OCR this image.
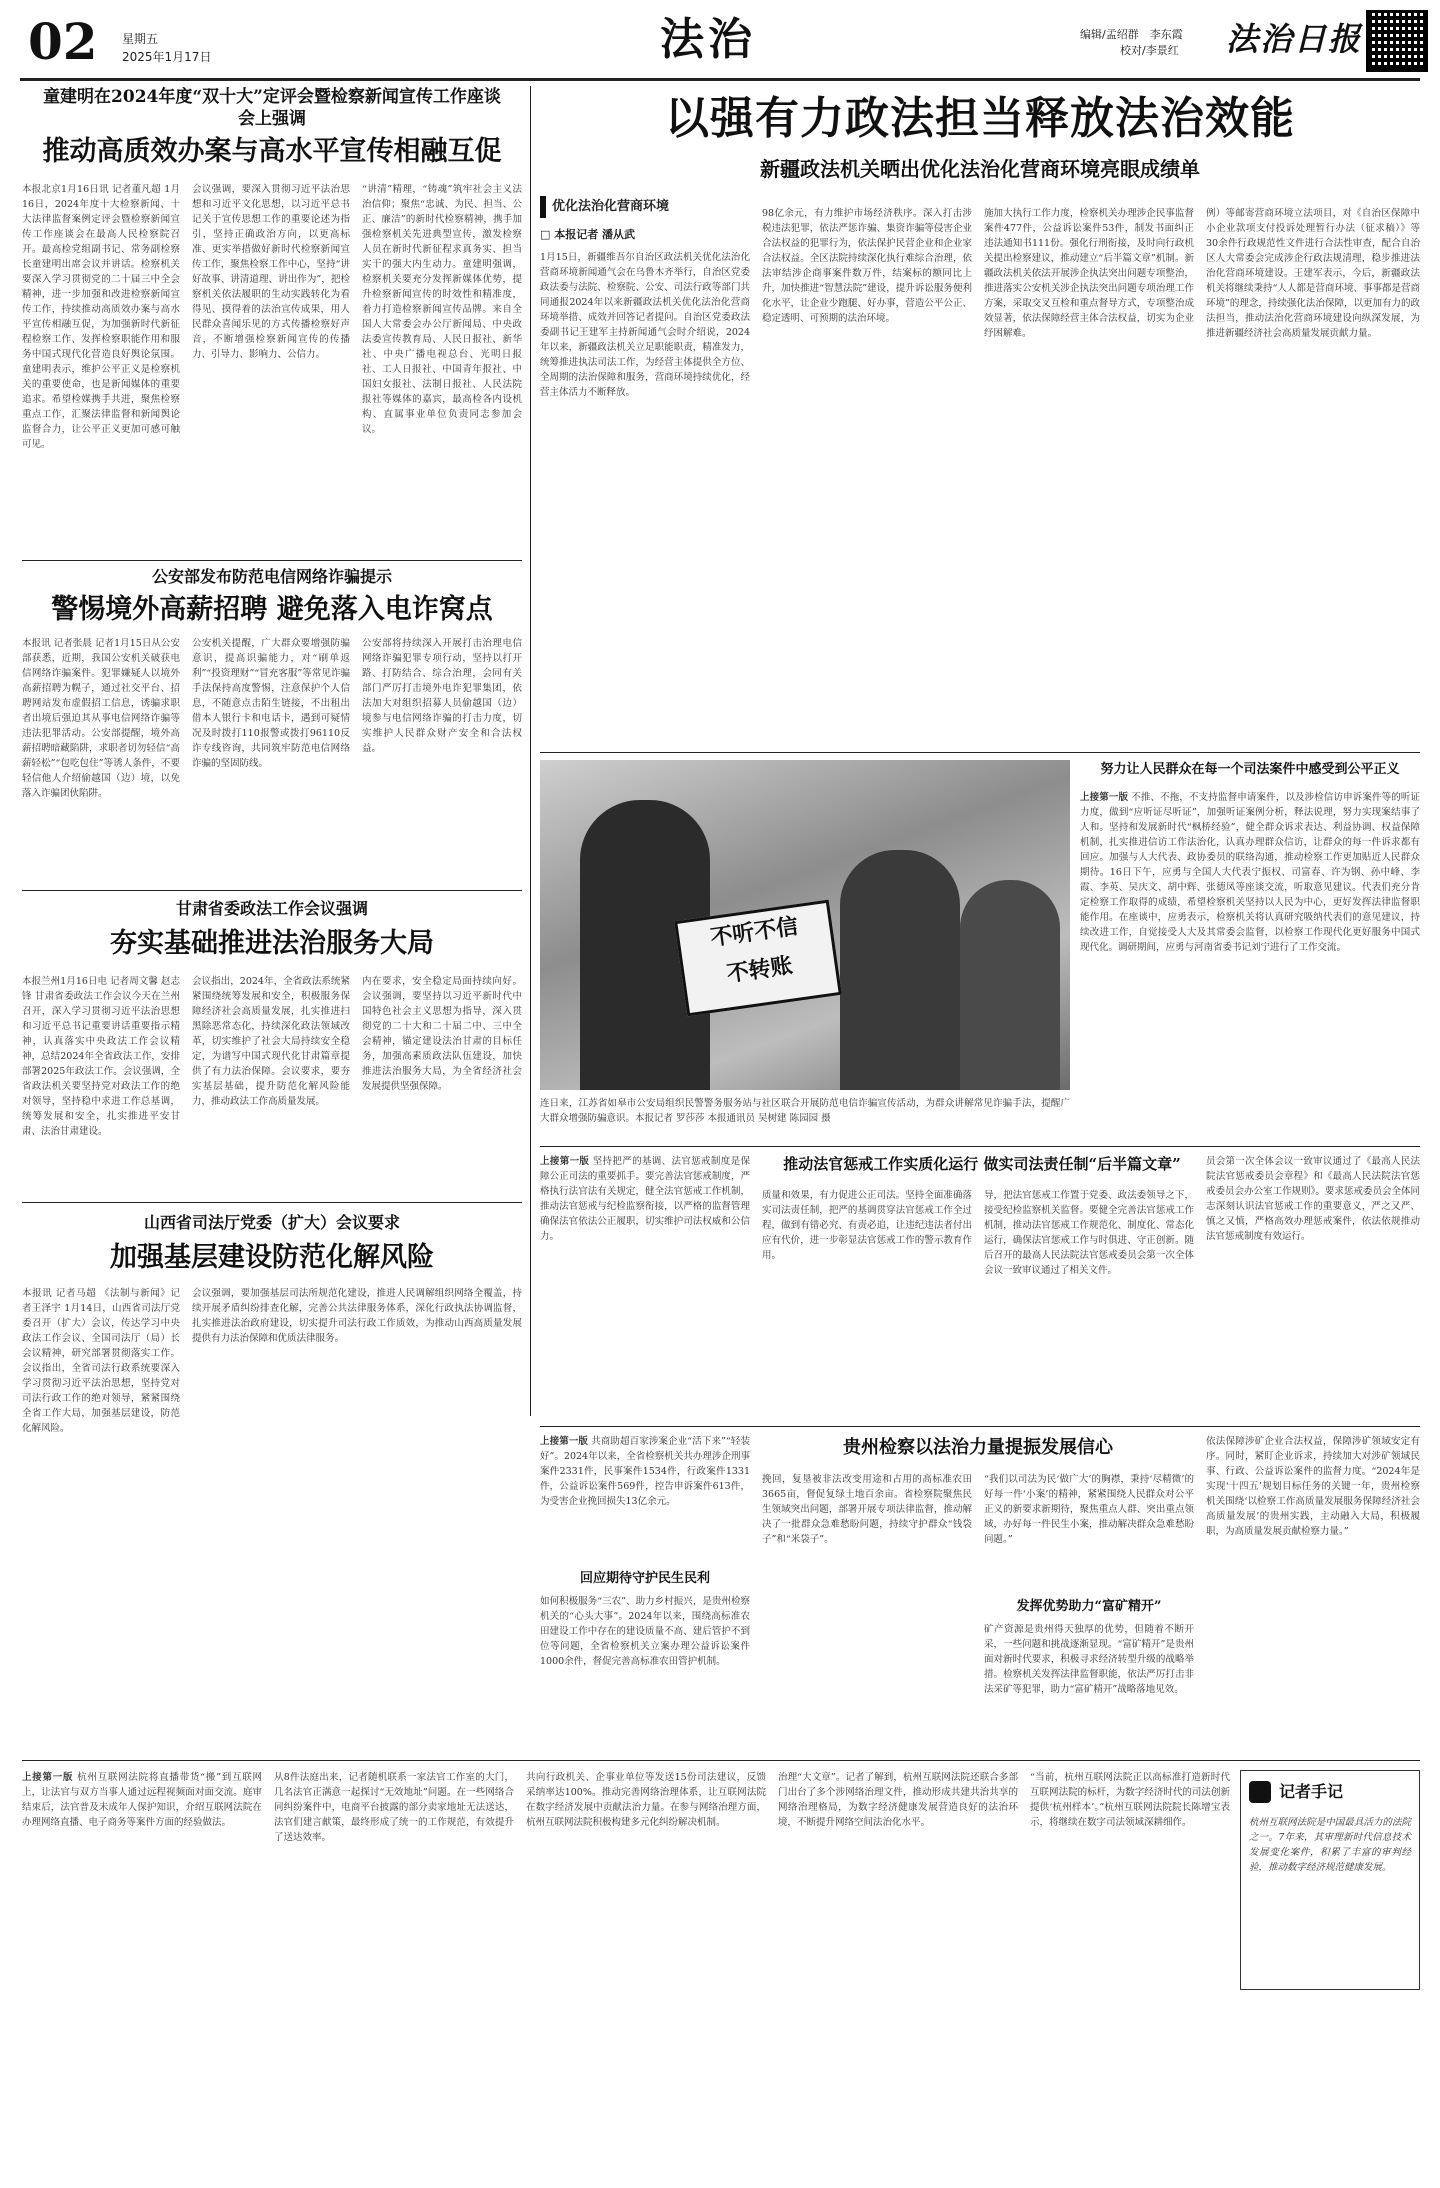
02 星期五
2025年1月17日	法治	编辑/孟绍群　李东霞
校对/李景红 法治日报
童建明在2024年度“双十大”定评会暨检察新闻宣传工作座谈会上强调
推动高质效办案与高水平宣传相融互促
本报北京1月16日讯 记者董凡超 1月16日，2024年度十大检察新闻、十大法律监督案例定评会暨检察新闻宣传工作座谈会在最高人民检察院召开。最高检党组副书记、常务副检察长童建明出席会议并讲话。检察机关要深入学习贯彻党的二十届三中全会精神，进一步加强和改进检察新闻宣传工作，持续推动高质效办案与高水平宣传相融互促，为加强新时代新征程检察工作、发挥检察职能作用和服务中国式现代化营造良好舆论氛围。童建明表示，维护公平正义是检察机关的重要使命，也是新闻媒体的重要追求。希望检媒携手共进，聚焦检察重点工作，汇聚法律监督和新闻舆论监督合力，让公平正义更加可感可触可见。
会议强调，要深入贯彻习近平法治思想和习近平文化思想，以习近平总书记关于宣传思想工作的重要论述为指引，坚持正确政治方向，以更高标准、更实举措做好新时代检察新闻宣传工作，聚焦检察工作中心，坚持“讲好故事、讲清道理、讲出作为”，把检察机关依法履职的生动实践转化为看得见、摸得着的法治宣传成果，用人民群众喜闻乐见的方式传播检察好声音，不断增强检察新闻宣传的传播力、引导力、影响力、公信力。
“讲清”精理，“铸魂”筑牢社会主义法治信仰；聚焦“忠诚、为民、担当、公正、廉洁”的新时代检察精神，携手加强检察机关先进典型宣传，激发检察人员在新时代新征程求真务实、担当实干的强大内生动力。童建明强调，检察机关要充分发挥新媒体优势，提升检察新闻宣传的时效性和精准度，着力打造检察新闻宣传品牌。来自全国人大常委会办公厅新闻局、中央政法委宣传教育局、人民日报社、新华社、中央广播电视总台、光明日报社、工人日报社、中国青年报社、中国妇女报社、法制日报社、人民法院报社等媒体的嘉宾，最高检各内设机构、直属事业单位负责同志参加会议。
公安部发布防范电信网络诈骗提示
警惕境外高薪招聘 避免落入电诈窝点
本报讯 记者张晨 记者1月15日从公安部获悉，近期，我国公安机关破获电信网络诈骗案件。犯罪嫌疑人以境外高薪招聘为幌子，通过社交平台、招聘网站发布虚假招工信息，诱骗求职者出境后强迫其从事电信网络诈骗等违法犯罪活动。公安部提醒，境外高薪招聘暗藏陷阱，求职者切勿轻信“高薪轻松”“包吃包住”等诱人条件，不要轻信他人介绍偷越国（边）境，以免落入诈骗团伙陷阱。
公安机关提醒，广大群众要增强防骗意识，提高识骗能力，对“刷单返利”“投资理财”“冒充客服”等常见诈骗手法保持高度警惕，注意保护个人信息，不随意点击陌生链接，不出租出借本人银行卡和电话卡，遇到可疑情况及时拨打110报警或拨打96110反诈专线咨询，共同筑牢防范电信网络诈骗的坚固防线。
公安部将持续深入开展打击治理电信网络诈骗犯罪专项行动，坚持以打开路、打防结合、综合治理，会同有关部门严厉打击境外电诈犯罪集团，依法加大对组织招募人员偷越国（边）境参与电信网络诈骗的打击力度，切实维护人民群众财产安全和合法权益。
甘肃省委政法工作会议强调
夯实基础推进法治服务大局
本报兰州1月16日电 记者周文馨 赵志锋 甘肃省委政法工作会议今天在兰州召开，深入学习贯彻习近平法治思想和习近平总书记重要讲话重要指示精神，认真落实中央政法工作会议精神，总结2024年全省政法工作，安排部署2025年政法工作。会议强调，全省政法机关要坚持党对政法工作的绝对领导，坚持稳中求进工作总基调，统筹发展和安全，扎实推进平安甘肃、法治甘肃建设。
会议指出，2024年，全省政法系统紧紧围绕统筹发展和安全，积极服务保障经济社会高质量发展，扎实推进扫黑除恶常态化，持续深化政法领域改革，切实维护了社会大局持续安全稳定，为谱写中国式现代化甘肃篇章提供了有力法治保障。会议要求，要夯实基层基础，提升防范化解风险能力，推动政法工作高质量发展。
内在要求，安全稳定局面持续向好。会议强调，要坚持以习近平新时代中国特色社会主义思想为指导，深入贯彻党的二十大和二十届二中、三中全会精神，锚定建设法治甘肃的目标任务，加强高素质政法队伍建设，加快推进法治服务大局，为全省经济社会发展提供坚强保障。
山西省司法厅党委（扩大）会议要求
加强基层建设防范化解风险
本报讯 记者马超 《法制与新闻》记者王泽宇 1月14日，山西省司法厅党委召开（扩大）会议，传达学习中央政法工作会议、全国司法厅（局）长会议精神，研究部署贯彻落实工作。会议指出，全省司法行政系统要深入学习贯彻习近平法治思想，坚持党对司法行政工作的绝对领导，紧紧围绕全省工作大局，加强基层建设，防范化解风险。
会议强调，要加强基层司法所规范化建设，推进人民调解组织网络全覆盖，持续开展矛盾纠纷排查化解，完善公共法律服务体系，深化行政执法协调监督，扎实推进法治政府建设，切实提升司法行政工作质效，为推动山西高质量发展提供有力法治保障和优质法律服务。
以强有力政法担当释放法治效能
新疆政法机关晒出优化法治化营商环境亮眼成绩单
优化法治化营商环境
□ 本报记者 潘从武
1月15日，新疆维吾尔自治区政法机关优化法治化营商环境新闻通气会在乌鲁木齐举行，自治区党委政法委与法院、检察院、公安、司法行政等部门共同通报2024年以来新疆政法机关优化法治化营商环境举措、成效并回答记者提问。自治区党委政法委副书记王建军主持新闻通气会时介绍说，2024年以来，新疆政法机关立足职能职责，精准发力，统筹推进执法司法工作，为经营主体提供全方位、全周期的法治保障和服务，营商环境持续优化，经营主体活力不断释放。
98亿余元，有力维护市场经济秩序。深入打击涉税违法犯罪，依法严惩诈骗、集资诈骗等侵害企业合法权益的犯罪行为，依法保护民营企业和企业家合法权益。全区法院持续深化执行难综合治理，依法审结涉企商事案件数万件，结案标的额同比上升，加快推进“智慧法院”建设，提升诉讼服务便利化水平，让企业少跑腿、好办事，营造公平公正、稳定透明、可预期的法治环境。
施加大执行工作力度，检察机关办理涉企民事监督案件477件，公益诉讼案件53件，制发书面纠正违法通知书111份。强化行刑衔接，及时向行政机关提出检察建议，推动建立“后半篇文章”机制。新疆政法机关依法开展涉企执法突出问题专项整治，推进落实公安机关涉企执法突出问题专项治理工作方案，采取交叉互检和重点督导方式，专项整治成效显著，依法保障经营主体合法权益，切实为企业纾困解难。
例）等邮寄营商环境立法项目，对《自治区保障中小企业款项支付投诉处理暂行办法（征求稿）》等30余件行政规范性文件进行合法性审查，配合自治区人大常委会完成涉企行政法规清理，稳步推进法治化营商环境建设。王建军表示，今后，新疆政法机关将继续秉持“人人都是营商环境、事事都是营商环境”的理念，持续强化法治保障，以更加有力的政法担当，推动法治化营商环境建设向纵深发展，为推进新疆经济社会高质量发展贡献力量。
不听不信
不转账
连日来，江苏省如皋市公安局组织民警警务服务站与社区联合开展防范电信诈骗宣传活动，为群众讲解常见诈骗手法，提醒广大群众增强防骗意识。本报记者 罗莎莎 本报通讯员 吴树建 陈园园 摄
努力让人民群众在每一个司法案件中感受到公平正义
上接第一版 不推、不拖，不支持监督申请案件，以及涉检信访申诉案件等的听证力度，做到“应听证尽听证”，加强听证案例分析，释法说理，努力实现案结事了人和。坚持和发展新时代“枫桥经验”，健全群众诉求表达、利益协调、权益保障机制，扎实推进信访工作法治化，认真办理群众信访，让群众的每一件诉求都有回应。加强与人大代表、政协委员的联络沟通，推动检察工作更加贴近人民群众期待。16日下午，应勇与全国人大代表宁振权、司富春、许为钢、孙中峰、李霞、李英、吴庆文、胡中辉、张德凤等座谈交流，听取意见建议。代表们充分肯定检察工作取得的成绩，希望检察机关坚持以人民为中心，更好发挥法律监督职能作用。在座谈中，应勇表示，检察机关将认真研究吸纳代表们的意见建议，持续改进工作，自觉接受人大及其常委会监督，以检察工作现代化更好服务中国式现代化。调研期间，应勇与河南省委书记刘宁进行了工作交流。
上接第一版 坚持把严的基调、法官惩戒制度是保障公正司法的重要抓手。要完善法官惩戒制度，严格执行法官法有关规定，健全法官惩戒工作机制，推动法官惩戒与纪检监察衔接，以严格的监督管理确保法官依法公正履职，切实维护司法权威和公信力。
推动法官惩戒工作实质化运行 做实司法责任制“后半篇文章”
质量和效果，有力促进公正司法。坚持全面准确落实司法责任制，把严的基调贯穿法官惩戒工作全过程，做到有错必究、有责必追，让违纪违法者付出应有代价，进一步彰显法官惩戒工作的警示教育作用。
导，把法官惩戒工作置于党委、政法委领导之下，接受纪检监察机关监督。要健全完善法官惩戒工作机制，推动法官惩戒工作规范化、制度化、常态化运行，确保法官惩戒工作与时俱进、守正创新。随后召开的最高人民法院法官惩戒委员会第一次全体会议一致审议通过了相关文件。
员会第一次全体会议一致审议通过了《最高人民法院法官惩戒委员会章程》和《最高人民法院法官惩戒委员会办公室工作规则》。要求惩戒委员会全体同志深刻认识法官惩戒工作的重要意义，严之又严、慎之又慎，严格高效办理惩戒案件，依法依规推动法官惩戒制度有效运行。
上接第一版 共商助超百家涉案企业“活下来”“轻装好”。2024年以来，全省检察机关共办理涉企刑事案件2331件，民事案件1534件，行政案件1331件，公益诉讼案件569件，控告申诉案件613件，为受害企业挽回损失13亿余元。
回应期待守护民生民利
如何积极服务“三农”、助力乡村振兴，是贵州检察机关的“心头大事”。2024年以来，围绕高标准农田建设工作中存在的建设质量不高、建后管护不到位等问题，全省检察机关立案办理公益诉讼案件1000余件，督促完善高标准农田管护机制。
贵州检察以法治力量提振发展信心
挽回，复垦被非法改变用途和占用的高标准农田3665亩，督促复绿土地百余亩。省检察院聚焦民生领域突出问题，部署开展专项法律监督，推动解决了一批群众急难愁盼问题，持续守护群众“钱袋子”和“米袋子”。
“我们以司法为民‘做广大’的胸襟，秉持‘尽精微’的好每一件‘小案’的精神，紧紧围绕人民群众对公平正义的新要求新期待，聚焦重点人群、突出重点领域，办好每一件民生小案，推动解决群众急难愁盼问题。”
发挥优势助力“富矿精开”
矿产资源是贵州得天独厚的优势，但随着不断开采，一些问题和挑战逐渐显现。“富矿精开”是贵州面对新时代要求，积极寻求经济转型升级的战略举措。检察机关发挥法律监督职能，依法严厉打击非法采矿等犯罪，助力“富矿精开”战略落地见效。
依法保障涉矿企业合法权益，保障涉矿领域安定有序。同时，紧盯企业诉求，持续加大对涉矿领域民事、行政、公益诉讼案件的监督力度。“2024年是实现‘十四五’规划目标任务的关键一年，贵州检察机关围绕‘以检察工作高质量发展服务保障经济社会高质量发展’的贵州实践，主动融入大局，积极履职，为高质量发展贡献检察力量。”
上接第一版 杭州互联网法院将直播带货“搬”到互联网上，让法官与双方当事人通过远程视频面对面交流。庭审结束后，法官普及未成年人保护知识，介绍互联网法院在办理网络直播、电子商务等案件方面的经验做法。
从8件法庭出来，记者随机联系一家法官工作室的大门，几名法官正满意一起探讨“无效地址”问题。在一些网络合同纠纷案件中，电商平台披露的部分卖家地址无法送达，法官们建言献策，最终形成了统一的工作规范，有效提升了送达效率。
共向行政机关、企事业单位等发送15份司法建议，反馈采纳率达100%。推动完善网络治理体系，让互联网法院在数字经济发展中贡献法治力量。在参与网络治理方面，杭州互联网法院积极构建多元化纠纷解决机制。
治理“大文章”。记者了解到，杭州互联网法院还联合多部门出台了多个涉网络治理文件，推动形成共建共治共享的网络治理格局，为数字经济健康发展营造良好的法治环境，不断提升网络空间法治化水平。
“当前，杭州互联网法院正以高标准打造新时代互联网法院的标杆，为数字经济时代的司法创新提供‘杭州样本’。”杭州互联网法院院长陈增宝表示，将继续在数字司法领域深耕细作。
记者手记
杭州互联网法院是中国最具活力的法院之一。7年来，其审理新时代信息技术发展变化案件，积累了丰富的审判经验，推动数字经济规范健康发展。
